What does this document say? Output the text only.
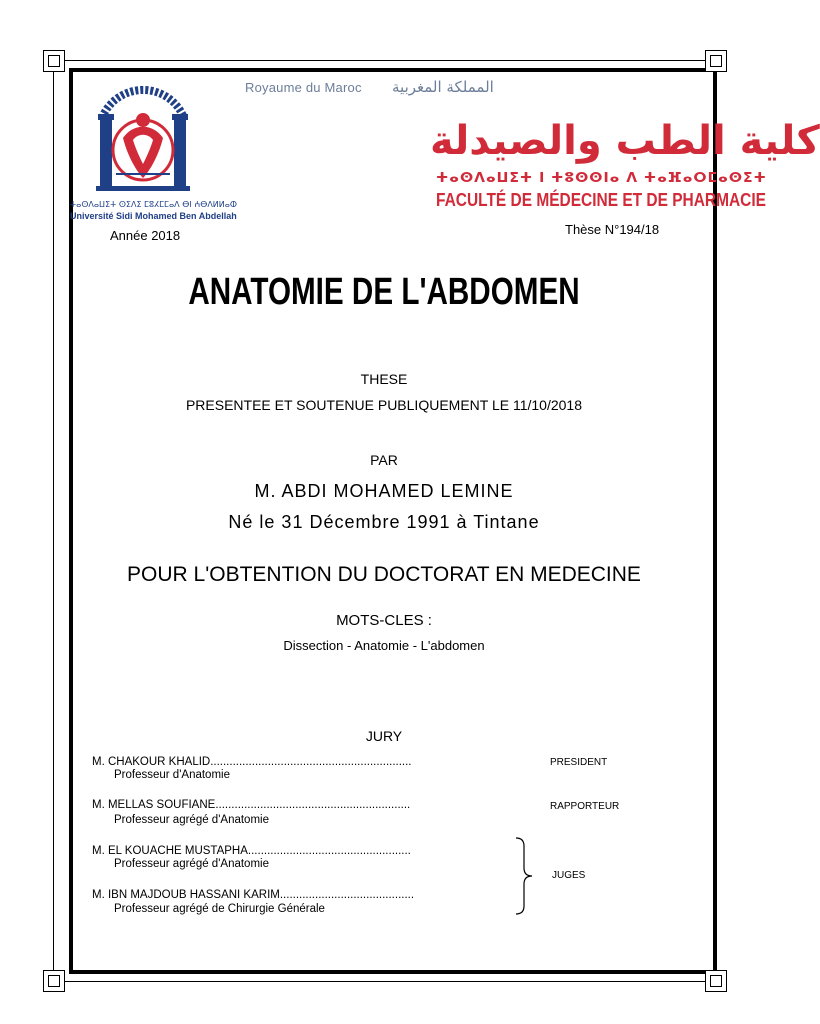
ⵜⴰⵙⴷⴰⵡⵉⵜ ⵙⵉⴷⵉ ⵎⵓⵃⵎⵎⴰⴷ ⴱⵏ ⵄⴱⴷⵍⵍⴰⵀ
Université Sidi Mohamed Ben Abdellah
Royaume du Maroc المملكة المغربية
كلية الطب والصيدلة
ⵜⴰⵙⴷⴰⵡⵉⵜ ⵏ ⵜⵓⵙⵙⵏⴰ ⴷ ⵜⴰⴼⴰⵔⵎⴰⵙⵉⵜ
FACULTÉ DE MÉDECINE ET DE PHARMACIE
Année 2018	Thèse N°194/18
ANATOMIE DE L'ABDOMEN
THESE
PRESENTEE ET SOUTENUE PUBLIQUEMENT LE 11/10/2018
PAR
M. ABDI MOHAMED LEMINE
Né le 31 Décembre 1991 à Tintane
POUR L'OBTENTION DU DOCTORAT EN MEDECINE
MOTS-CLES :
Dissection - Anatomie - L'abdomen
JURY
M. CHAKOUR KHALID...............................................................
Professeur d'Anatomie
PRESIDENT
M. MELLAS SOUFIANE.............................................................
Professeur agrégé d'Anatomie
RAPPORTEUR
M. EL KOUACHE MUSTAPHA...................................................
Professeur agrégé d'Anatomie
M. IBN MAJDOUB HASSANI KARIM..........................................
Professeur agrégé de Chirurgie Générale
JUGES
